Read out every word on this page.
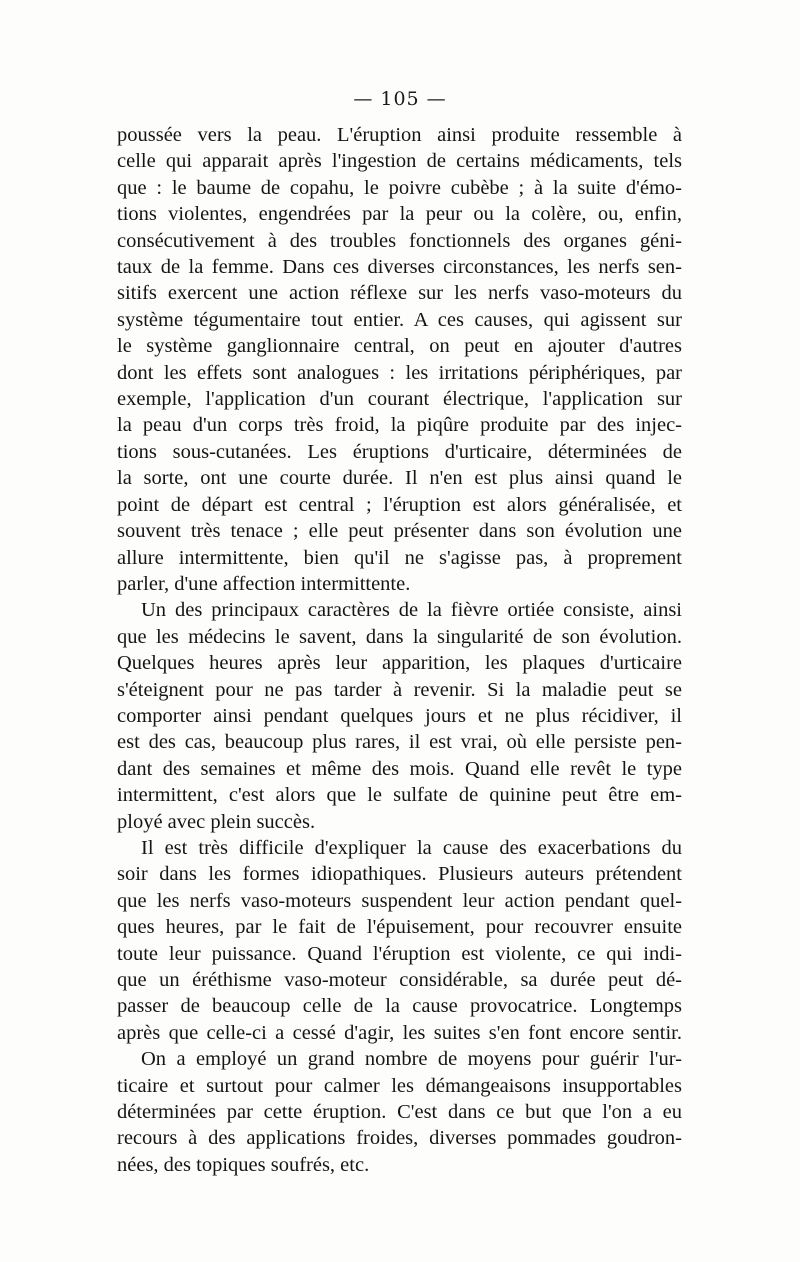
— 105 —

poussée vers la peau. L'éruption ainsi produite ressemble à

celle qui apparait après l'ingestion de certains médicaments, tels

que : le baume de copahu, le poivre cubèbe ; à la suite d'émo-

tions violentes, engendrées par la peur ou la colère, ou, enfin,

consécutivement à des troubles fonctionnels des organes géni-

taux de la femme. Dans ces diverses circonstances, les nerfs sen-

sitifs exercent une action réflexe sur les nerfs vaso-moteurs du

système tégumentaire tout entier. A ces causes, qui agissent sur

le système ganglionnaire central, on peut en ajouter d'autres

dont les effets sont analogues : les irritations périphériques, par

exemple, l'application d'un courant électrique, l'application sur

la peau d'un corps très froid, la piqûre produite par des injec-

tions sous-cutanées. Les éruptions d'urticaire, déterminées de

la sorte, ont une courte durée. Il n'en est plus ainsi quand le

point de départ est central ; l'éruption est alors généralisée, et

souvent très tenace ; elle peut présenter dans son évolution une

allure intermittente, bien qu'il ne s'agisse pas, à proprement

parler, d'une affection intermittente.

Un des principaux caractères de la fièvre ortiée consiste, ainsi

que les médecins le savent, dans la singularité de son évolution.

Quelques heures après leur apparition, les plaques d'urticaire

s'éteignent pour ne pas tarder à revenir. Si la maladie peut se

comporter ainsi pendant quelques jours et ne plus récidiver, il

est des cas, beaucoup plus rares, il est vrai, où elle persiste pen-

dant des semaines et même des mois. Quand elle revêt le type

intermittent, c'est alors que le sulfate de quinine peut être em-

ployé avec plein succès.

Il est très difficile d'expliquer la cause des exacerbations du

soir dans les formes idiopathiques. Plusieurs auteurs prétendent

que les nerfs vaso-moteurs suspendent leur action pendant quel-

ques heures, par le fait de l'épuisement, pour recouvrer ensuite

toute leur puissance. Quand l'éruption est violente, ce qui indi-

que un éréthisme vaso-moteur considérable, sa durée peut dé-

passer de beaucoup celle de la cause provocatrice. Longtemps

après que celle-ci a cessé d'agir, les suites s'en font encore sentir.

On a employé un grand nombre de moyens pour guérir l'ur-

ticaire et surtout pour calmer les démangeaisons insupportables

déterminées par cette éruption. C'est dans ce but que l'on a eu

recours à des applications froides, diverses pommades goudron-

nées, des topiques soufrés, etc.
